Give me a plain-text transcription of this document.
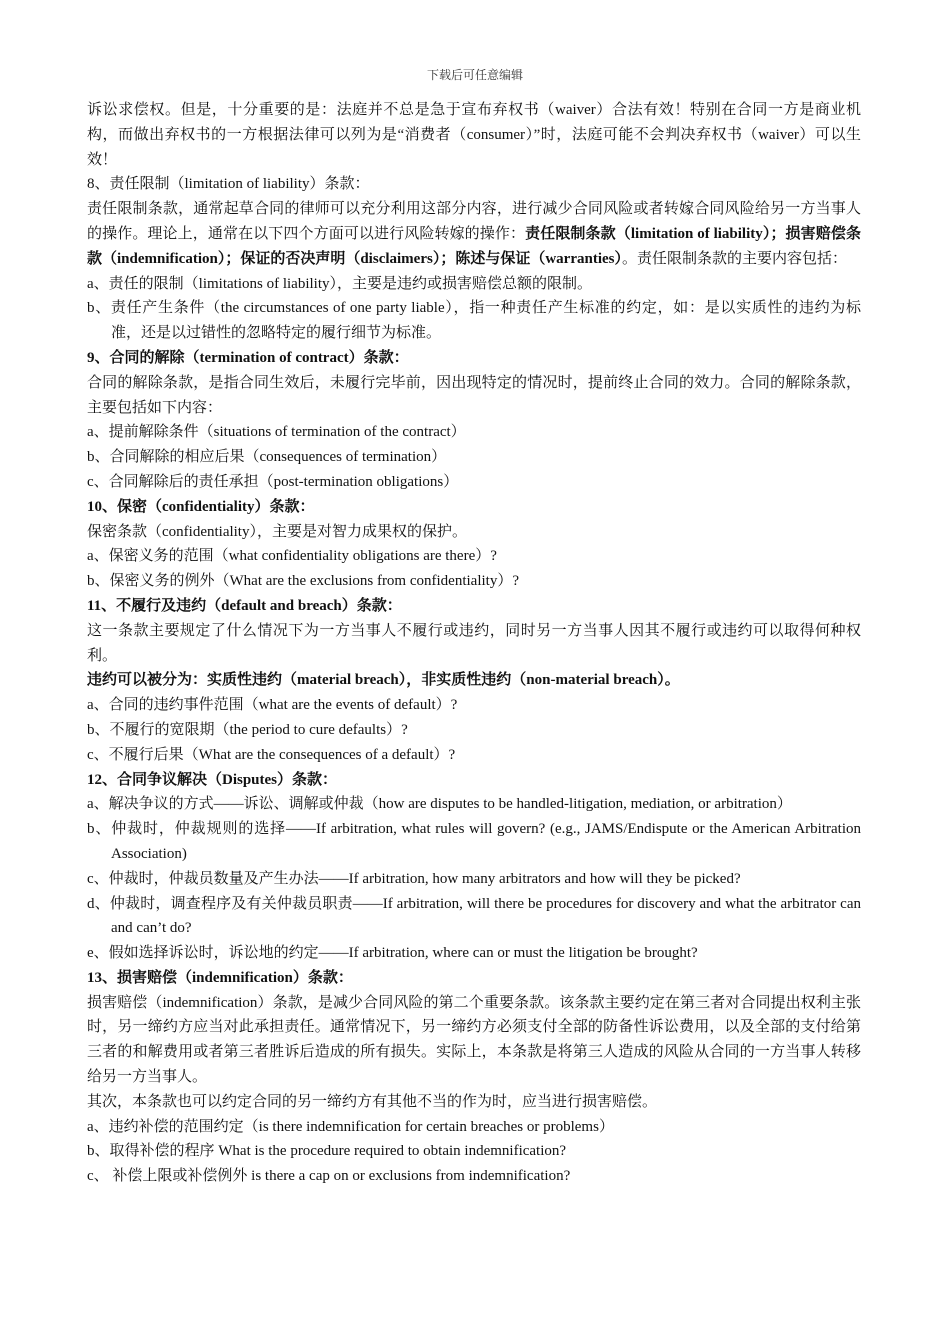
下载后可任意编辑

诉讼求偿权。但是，十分重要的是：法庭并不总是急于宣布弃权书（waiver）合法有效！特别在合同一方是商业机构，而做出弃权书的一方根据法律可以列为是“消费者（consumer）”时，法庭可能不会判决弃权书（waiver）可以生效！

8、责任限制（limitation of liability）条款：

责任限制条款，通常起草合同的律师可以充分利用这部分内容，进行减少合同风险或者转嫁合同风险给另一方当事人的操作。理论上，通常在以下四个方面可以进行风险转嫁的操作：责任限制条款（limitation of liability）；损害赔偿条款（indemnification）；保证的否决声明（disclaimers）；陈述与保证（warranties）。责任限制条款的主要内容包括：

a、责任的限制（limitations of liability），主要是违约或损害赔偿总额的限制。

b、责任产生条件（the circumstances of one party liable），指一种责任产生标准的约定，如：是以实质性的违约为标准，还是以过错性的忽略特定的履行细节为标准。

9、合同的解除（termination of contract）条款：

合同的解除条款，是指合同生效后，未履行完毕前，因出现特定的情况时，提前终止合同的效力。合同的解除条款，主要包括如下内容：

a、提前解除条件（situations of termination of the contract）

b、合同解除的相应后果（consequences of termination）

c、合同解除后的责任承担（post-termination obligations）

10、保密（confidentiality）条款：

保密条款（confidentiality），主要是对智力成果权的保护。

a、保密义务的范围（what confidentiality obligations are there）?

b、保密义务的例外（What are the exclusions from confidentiality）?

11、不履行及违约（default and breach）条款：

这一条款主要规定了什么情况下为一方当事人不履行或违约，同时另一方当事人因其不履行或违约可以取得何种权利。

违约可以被分为：实质性违约（material breach），非实质性违约（non-material breach）。

a、合同的违约事件范围（what are the events of default）?

b、不履行的宽限期（the period to cure defaults）?

c、不履行后果（What are the consequences of a default）?

12、合同争议解决（Disputes）条款：

a、解决争议的方式——诉讼、调解或仲裁（how are disputes to be handled-litigation, mediation, or arbitration）

b、仲裁时，仲裁规则的选择——If arbitration, what rules will govern? (e.g., JAMS/Endispute or the American Arbitration Association)

c、仲裁时，仲裁员数量及产生办法——If arbitration, how many arbitrators and how will they be picked?

d、仲裁时，调查程序及有关仲裁员职责——If arbitration, will there be procedures for discovery and what the arbitrator can and can’t do?

e、假如选择诉讼时，诉讼地的约定——If arbitration, where can or must the litigation be brought?

13、损害赔偿（indemnification）条款：

损害赔偿（indemnification）条款，是减少合同风险的第二个重要条款。该条款主要约定在第三者对合同提出权利主张时，另一缔约方应当对此承担责任。通常情况下，另一缔约方必须支付全部的防备性诉讼费用，以及全部的支付给第三者的和解费用或者第三者胜诉后造成的所有损失。实际上，本条款是将第三人造成的风险从合同的一方当事人转移给另一方当事人。

其次，本条款也可以约定合同的另一缔约方有其他不当的作为时，应当进行损害赔偿。

a、违约补偿的范围约定（is there indemnification for certain breaches or problems）

b、取得补偿的程序 What is the procedure required to obtain indemnification?

c、 补偿上限或补偿例外 is there a cap on or exclusions from indemnification?
